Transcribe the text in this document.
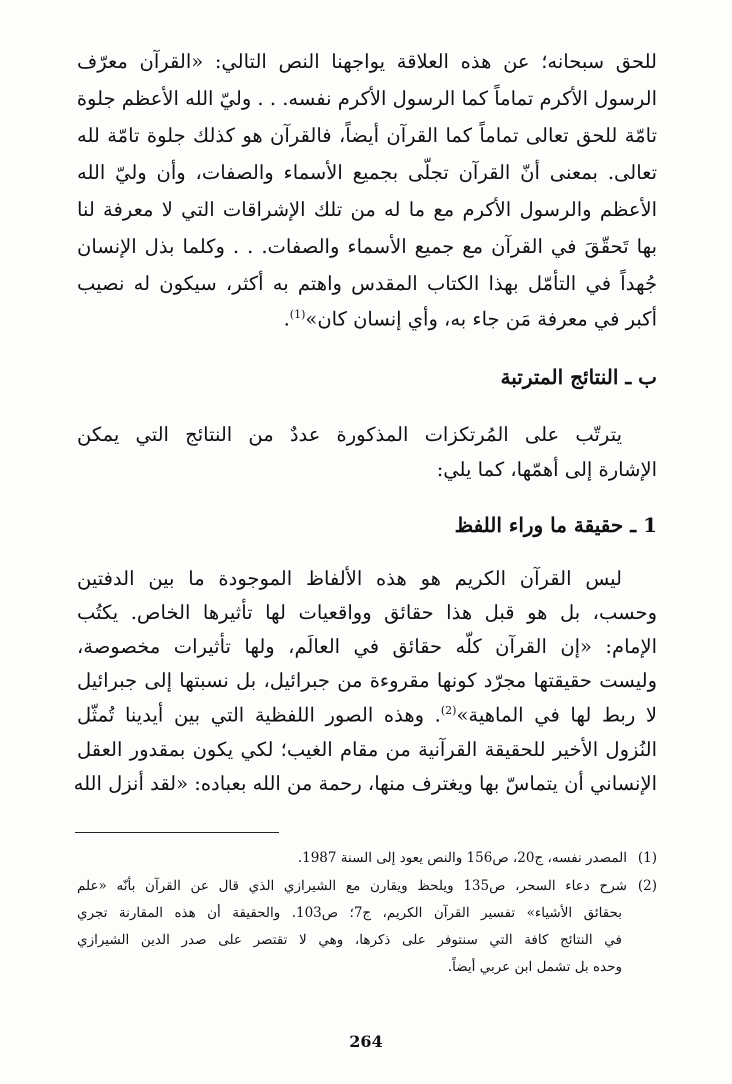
للحق سبحانه؛ عن هذه العلاقة يواجهنا النص التالي: «القرآن معرّف
الرسول الأكرم تماماً كما الرسول الأكرم نفسه. . . وليّ الله الأعظم جلوة
تامّة للحق تعالى تماماً كما القرآن أيضاً، فالقرآن هو كذلك جلوة تامّة لله
تعالى. بمعنى أنّ القرآن تجلّى بجميع الأسماء والصفات، وأن وليّ الله
الأعظم والرسول الأكرم مع ما له من تلك الإشراقات التي لا معرفة لنا
بها تَحقّقَ في القرآن مع جميع الأسماء والصفات. . . وكلما بذل الإنسان
جُهداً في التأمّل بهذا الكتاب المقدس واهتم به أكثر، سيكون له نصيب
أكبر في معرفة مَن جاء به، وأي إنسان كان»$^{(1)}$.
ب ـ النتائج المترتبة
يترتّب على المُرتكزات المذكورة عددٌ من النتائج التي يمكن
الإشارة إلى أهمّها، كما يلي:
1 ـ حقيقة ما وراء اللفظ
ليس القرآن الكريم هو هذه الألفاظ الموجودة ما بين الدفتين
وحسب، بل هو قبل هذا حقائق وواقعيات لها تأثيرها الخاص. يكتُب
الإمام: «إن القرآن كلّه حقائق في العالَم، ولها تأثيرات مخصوصة،
وليست حقيقتها مجرّد كونها مقروءة من جبرائيل، بل نسبتها إلى جبرائيل
لا ربط لها في الماهية»$^{(2)}$. وهذه الصور اللفظية التي بين أيدينا تُمثّل
النُزول الأخير للحقيقة القرآنية من مقام الغيب؛ لكي يكون بمقدور العقل
الإنساني أن يتماسّ بها ويغترف منها، رحمة من الله بعباده: «لقد أنزل الله
(1)المصدر نفسه، ج20، ص156 والنص يعود إلى السنة 1987.
(2)شرح دعاء السحر، ص135 ويلحظ ويقارن مع الشيرازي الذي قال عن القرآن بأنّه «علم
بحقائق الأشياء» تفسير القرآن الكريم، ج7؛ ص103. والحقيقة أن هذه المقارنة تجري
في النتائج كافة التي سنتوفر على ذكرها، وهي لا تقتصر على صدر الدين الشيرازي
وحده بل تشمل ابن عربي أيضاً.
264
